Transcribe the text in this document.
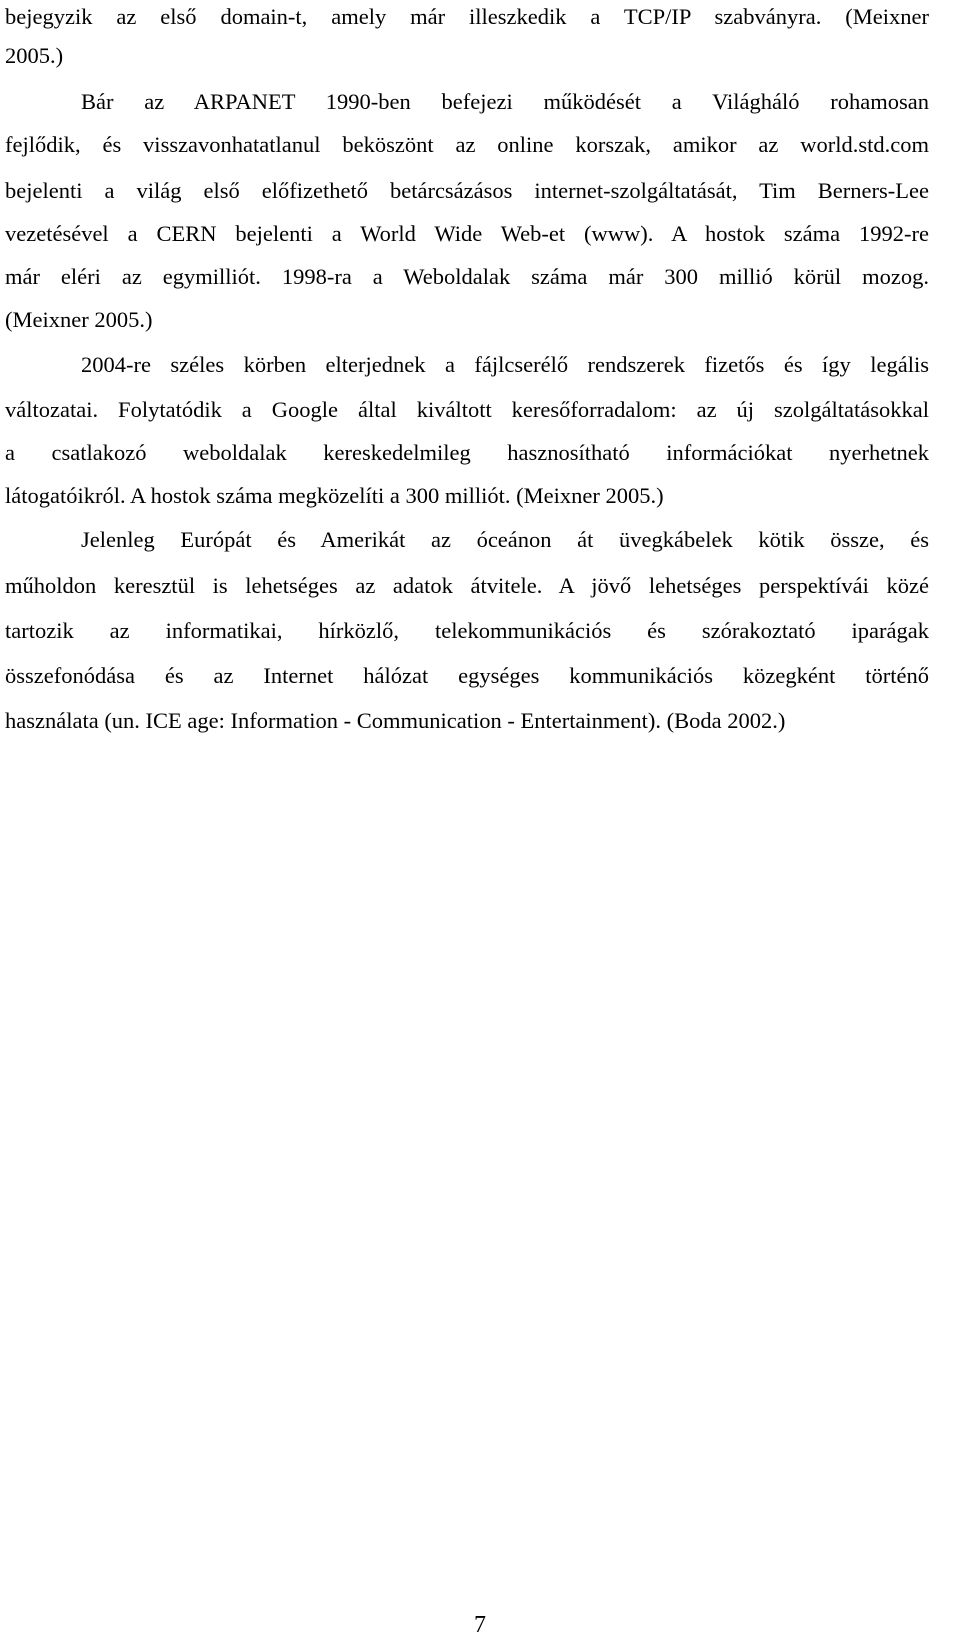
bejegyzik az első domain-t, amely már illeszkedik a TCP/IP szabványra. (Meixner
2005.)
Bár az ARPANET 1990-ben befejezi működését a Világháló rohamosan
fejlődik, és visszavonhatatlanul beköszönt az online korszak, amikor az world.std.com
bejelenti a világ első előfizethető betárcsázásos internet-szolgáltatását, Tim Berners-Lee
vezetésével a CERN bejelenti a World Wide Web-et (www). A hostok száma 1992-re
már eléri az egymilliót. 1998-ra a Weboldalak száma már 300 millió körül mozog.
(Meixner 2005.)
2004-re széles körben elterjednek a fájlcserélő rendszerek fizetős és így legális
változatai. Folytatódik a Google által kiváltott keresőforradalom: az új szolgáltatásokkal
a csatlakozó weboldalak kereskedelmileg hasznosítható információkat nyerhetnek
látogatóikról. A hostok száma megközelíti a 300 milliót. (Meixner 2005.)
Jelenleg Európát és Amerikát az óceánon át üvegkábelek kötik össze, és
műholdon keresztül is lehetséges az adatok átvitele. A jövő lehetséges perspektívái közé
tartozik az informatikai, hírközlő, telekommunikációs és szórakoztató iparágak
összefonódása és az Internet hálózat egységes kommunikációs közegként történő
használata (un. ICE age: Information - Communication - Entertainment). (Boda 2002.)
7
